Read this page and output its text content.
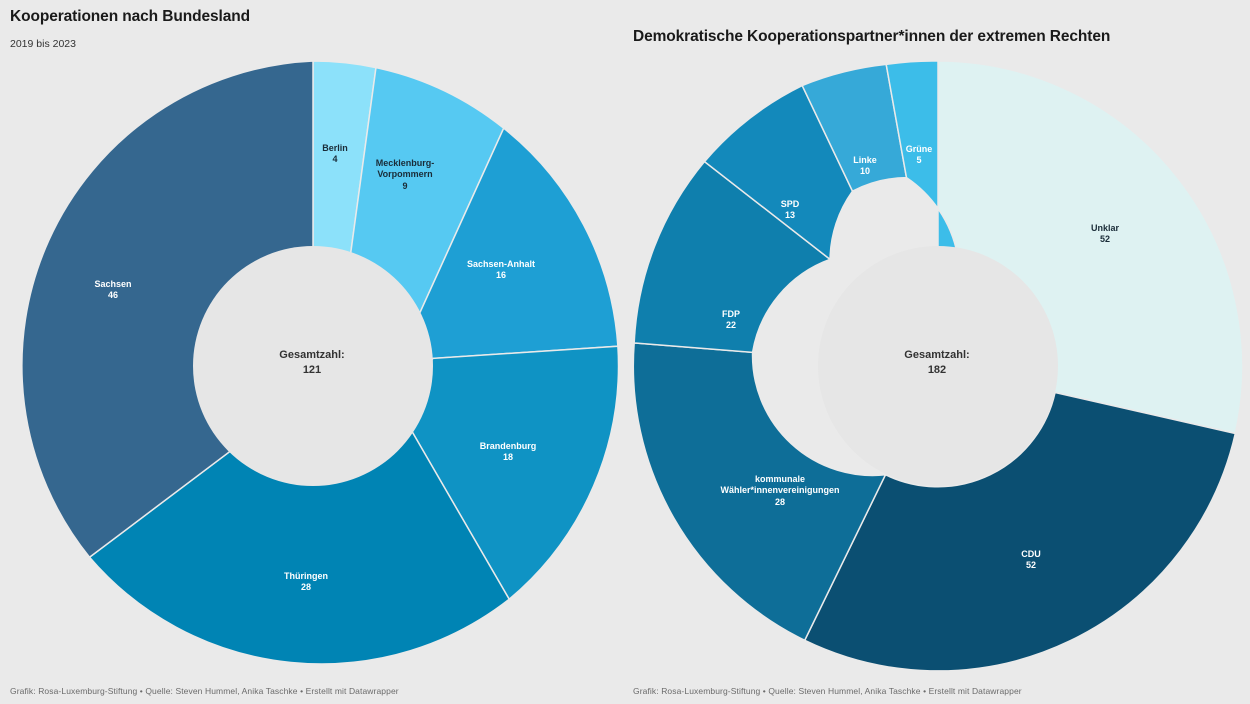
Kooperationen nach Bundesland
2019 bis 2023
Gesamtzahl:
121
Berlin
4	Mecklenburg-
Vorpommern
9
Sachsen-Anhalt
16
Brandenburg
18
Thüringen
28
Sachsen
46
Grafik: Rosa-Luxemburg-Stiftung • Quelle: Steven Hummel, Anika Taschke • Erstellt mit Datawrapper
Demokratische Kooperationspartner*innen der extremen Rechten
Gesamtzahl:
182
Grüne
5
Linke
10
SPD
13
FDP
22
kommunale
Wähler*innenvereinigungen
28
CDU
52
Unklar
52
Grafik: Rosa-Luxemburg-Stiftung • Quelle: Steven Hummel, Anika Taschke • Erstellt mit Datawrapper
